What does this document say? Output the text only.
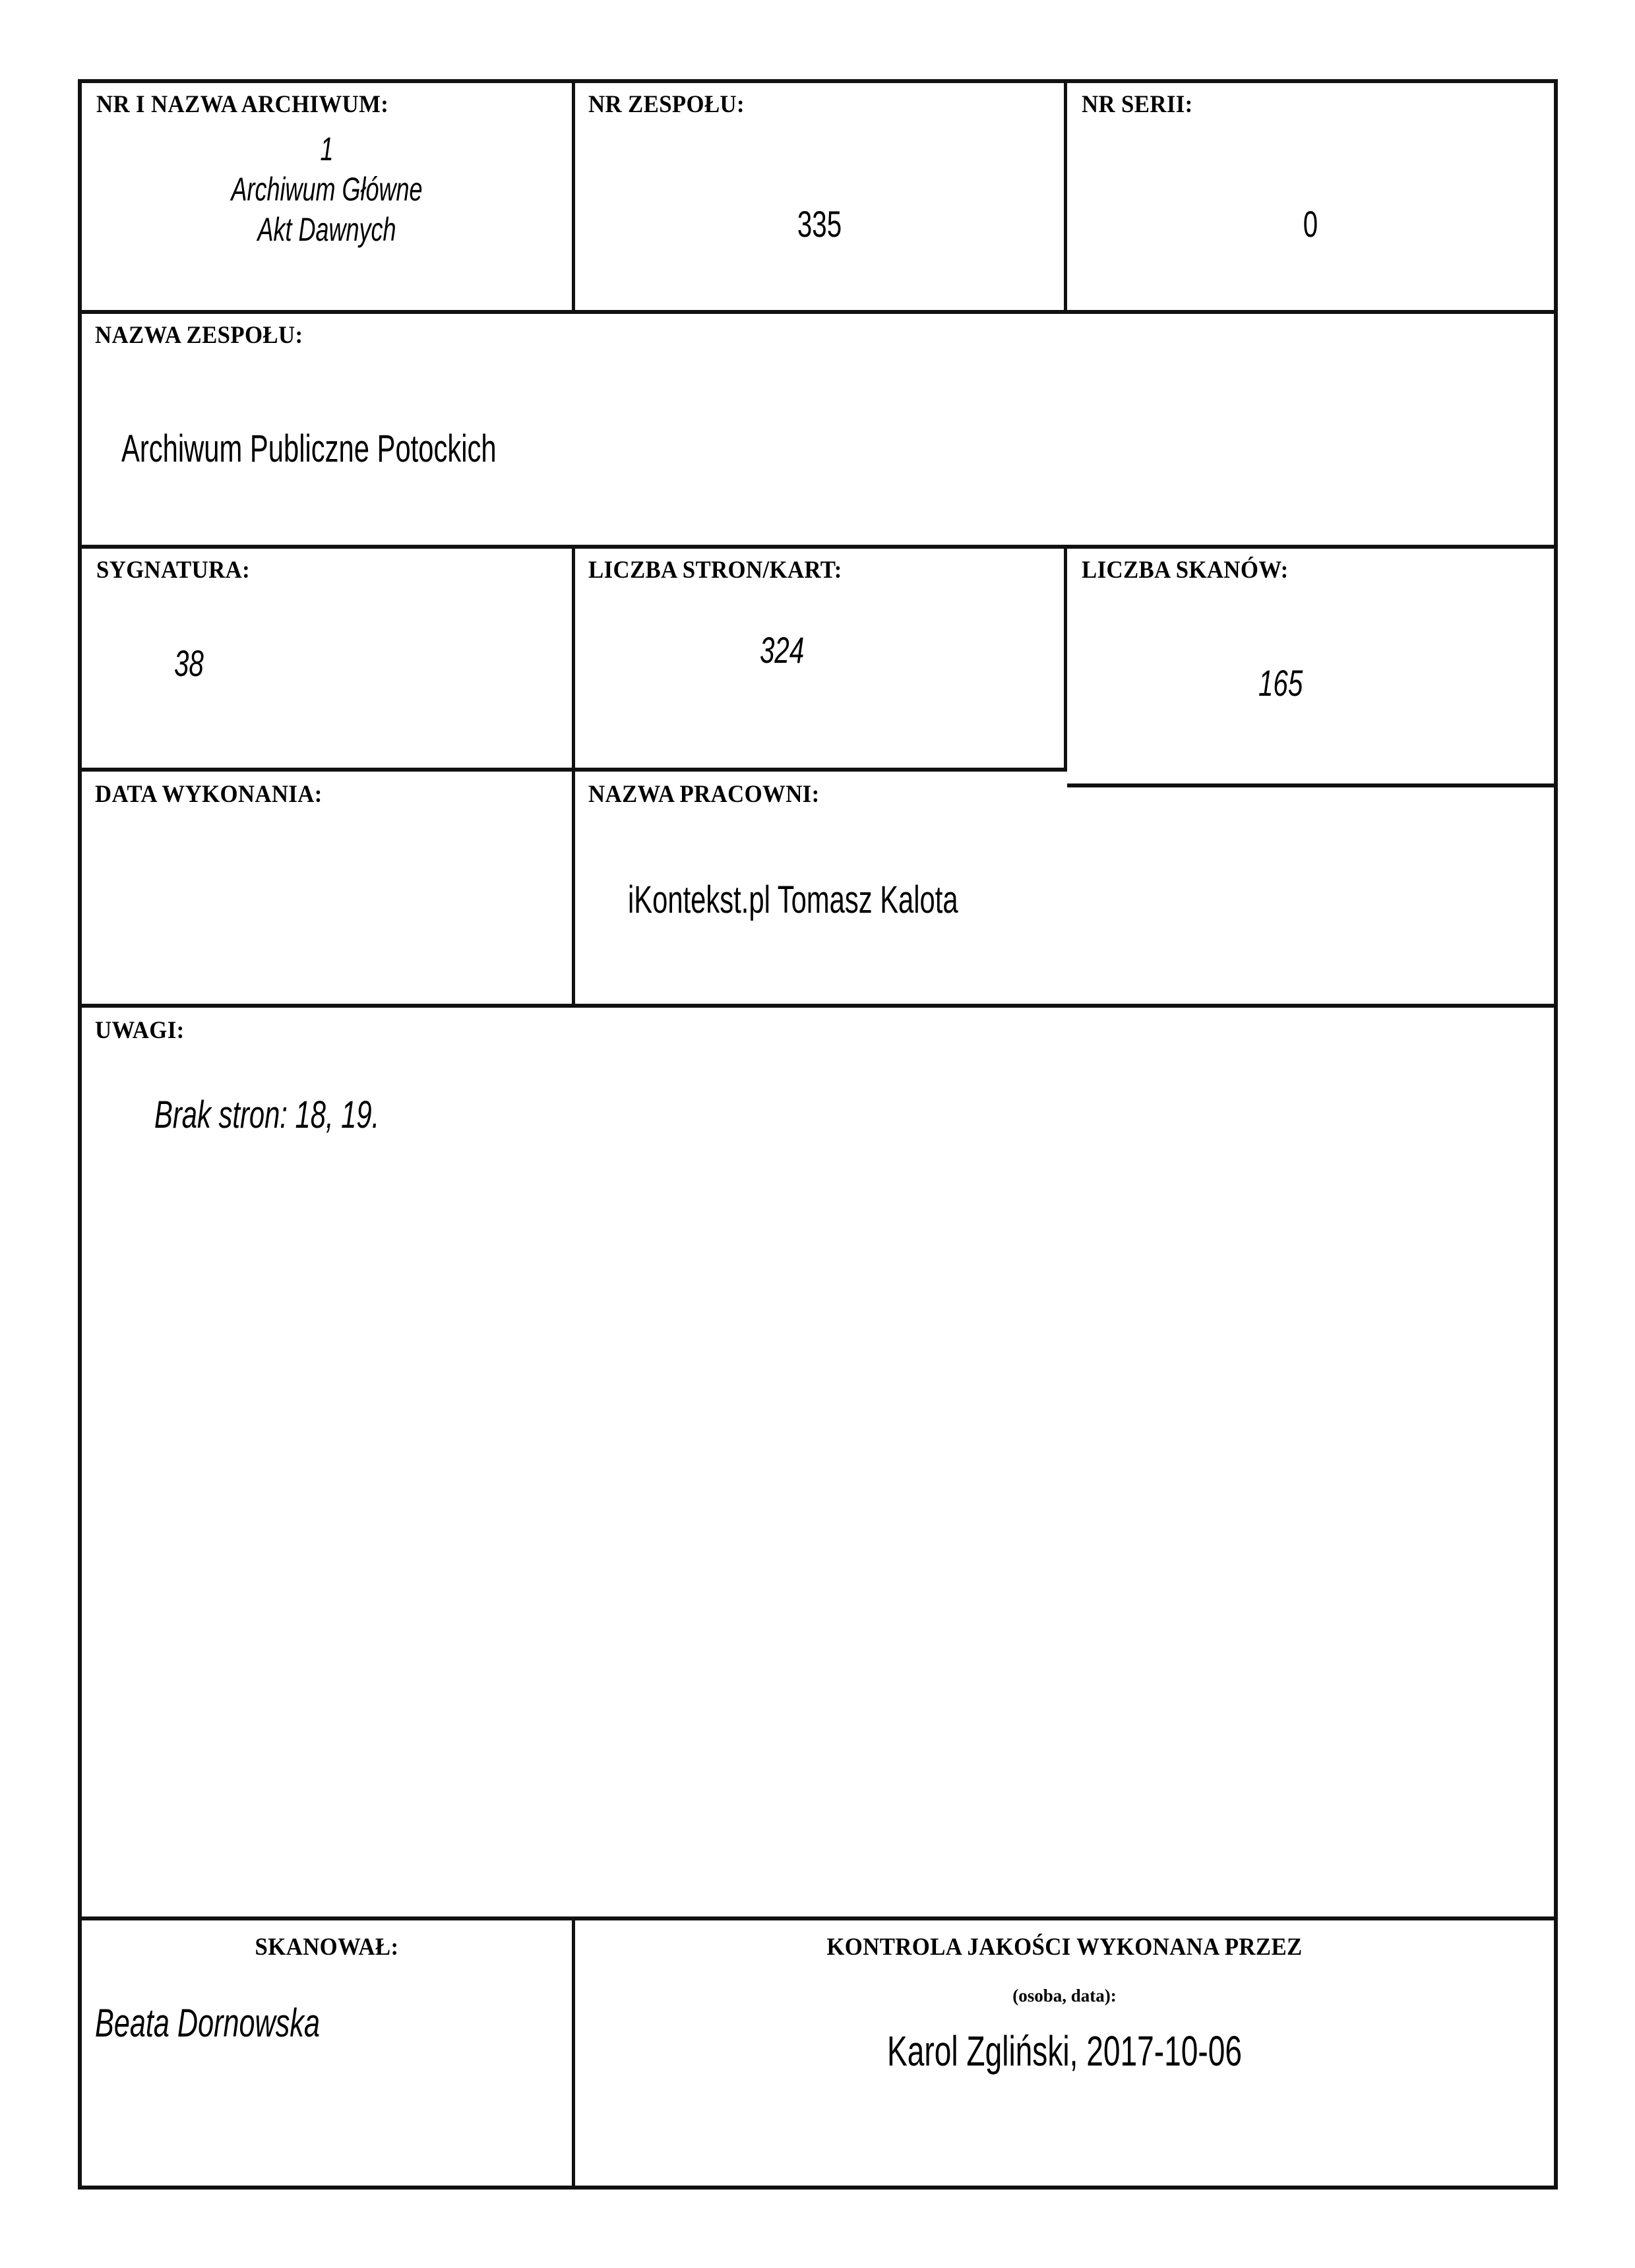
NR I NAZWA ARCHIWUM:
1
Archiwum Główne
Akt Dawnych
NR ZESPOŁU:
335
NR SERII:
0
NAZWA ZESPOŁU:
Archiwum Publiczne Potockich
SYGNATURA:
38
LICZBA STRON/KART:
324
LICZBA SKANÓW:
165
DATA WYKONANIA:	NAZWA PRACOWNI:
iKontekst.pl Tomasz Kalota
UWAGI:
Brak stron: 18, 19.
SKANOWAŁ:
Beata Dornowska
KONTROLA JAKOŚCI WYKONANA PRZEZ
(osoba, data):
Karol Zgliński, 2017-10-06
